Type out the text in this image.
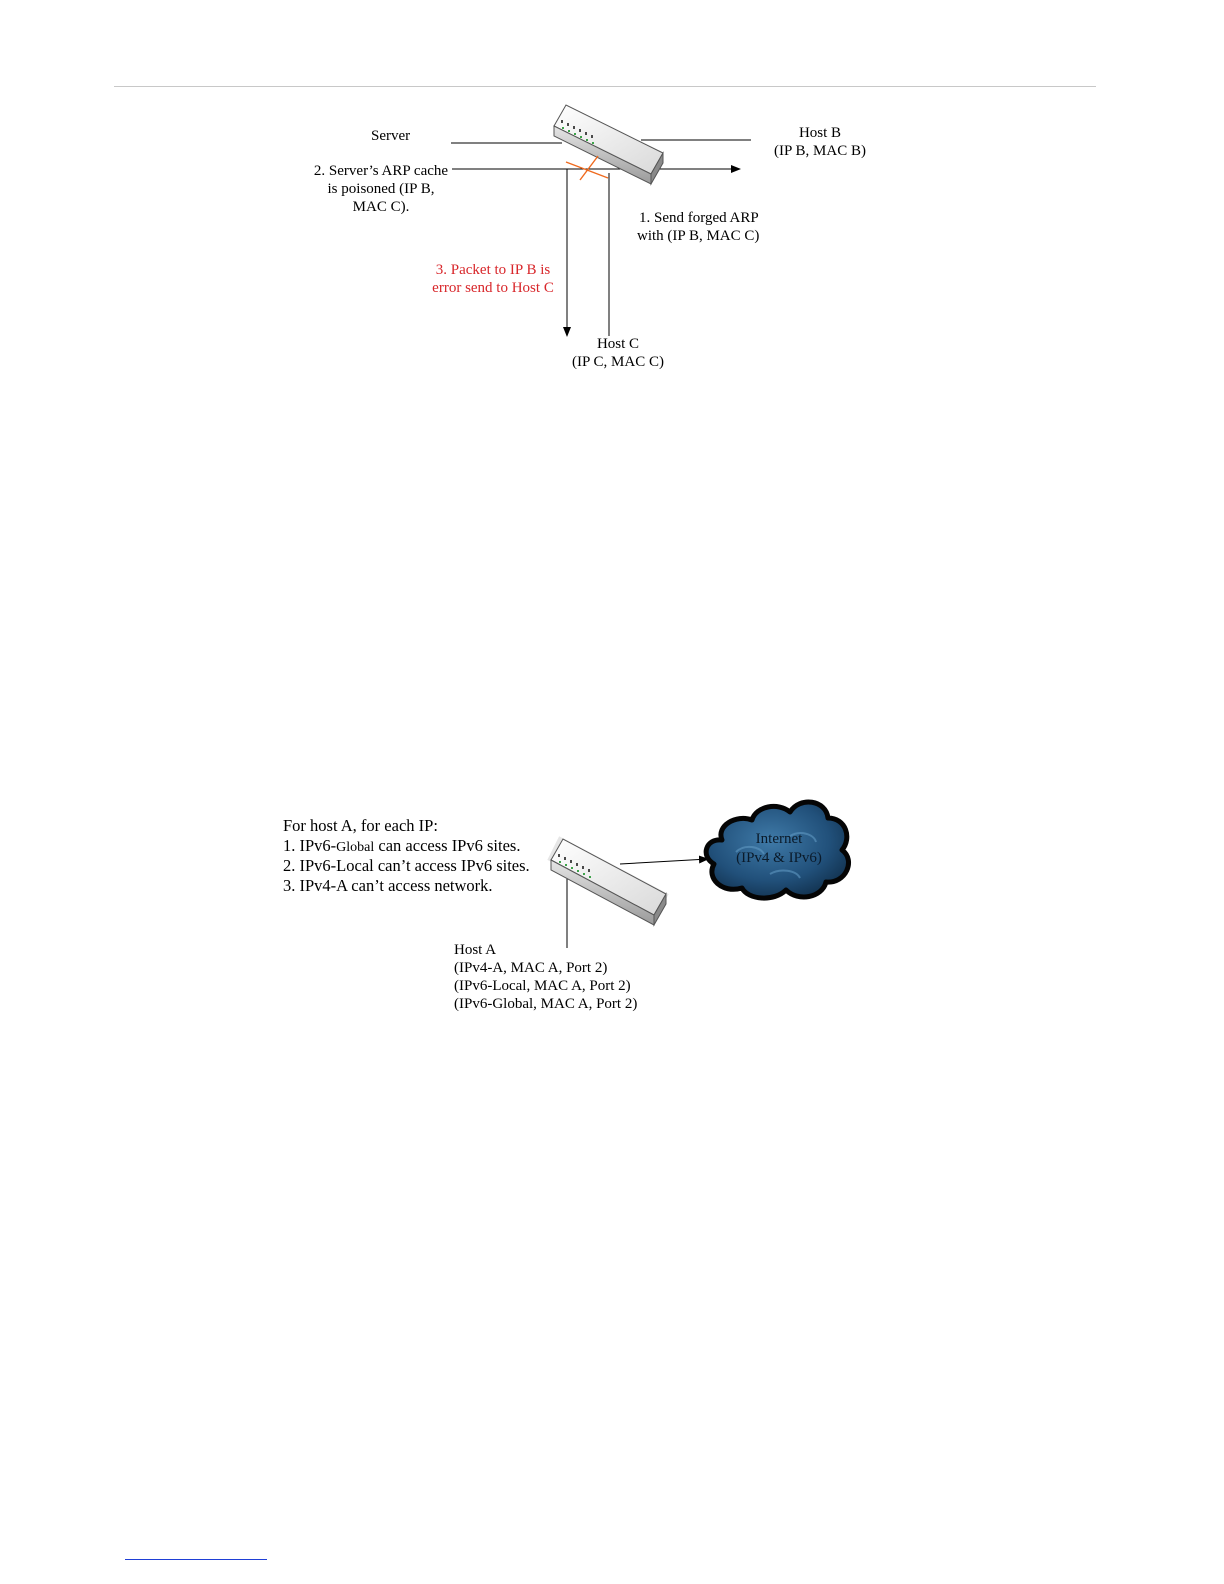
Server	Host B
(IP B, MAC B)
2. Server’s ARP cache
is poisoned (IP B,
MAC C).
1. Send forged ARP
with (IP B, MAC C)
3. Packet to IP B is
error send to Host C
Host C
(IP C, MAC C)
For host A, for each IP:
1. IPv6-Global can access IPv6 sites.
2. IPv6-Local can’t access IPv6 sites.
3. IPv4-A can’t access network.
Internet
(IPv4 & IPv6)
Host A
(IPv4-A, MAC A, Port 2)
(IPv6-Local, MAC A, Port 2)
(IPv6-Global, MAC A, Port 2)
